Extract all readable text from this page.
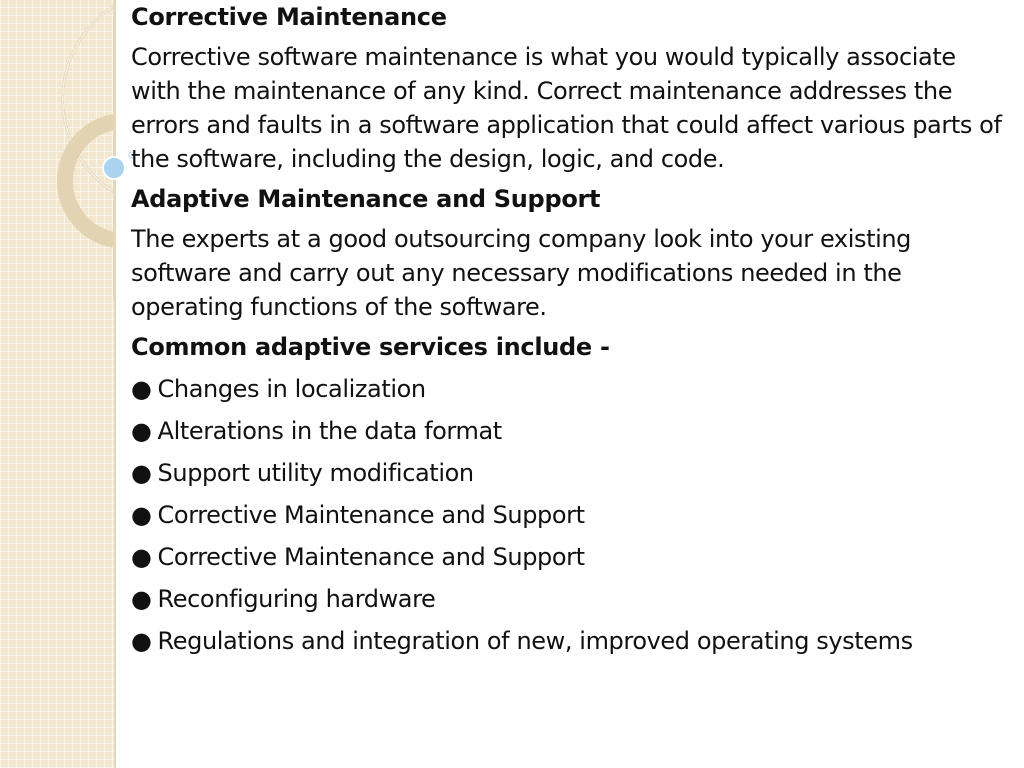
Corrective Maintenance

Corrective software maintenance is what you would typically associate with the maintenance of any kind. Correct maintenance addresses the errors and faults in a software application that could affect various parts of the software, including the design, logic, and code.

Adaptive Maintenance and Support

The experts at a good outsourcing company look into your existing software and carry out any necessary modifications needed in the operating functions of the software.

Common adaptive services include -

● Changes in localization

● Alterations in the data format

● Support utility modification

● Corrective Maintenance and Support

● Corrective Maintenance and Support

● Reconfiguring hardware

● Regulations and integration of new, improved operating systems
